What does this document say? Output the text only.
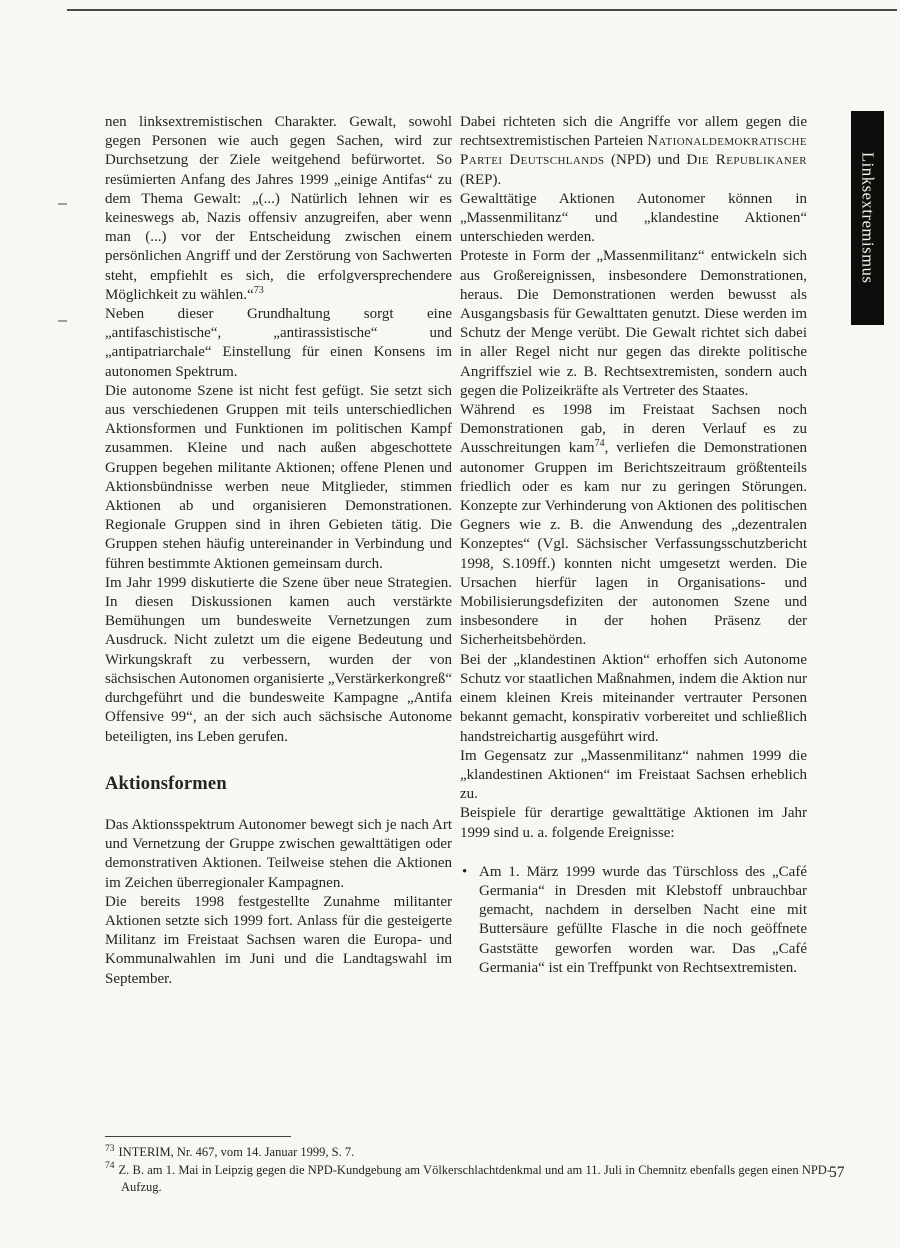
nen linksextremistischen Charakter. Gewalt, sowohl gegen Personen wie auch gegen Sachen, wird zur Durchsetzung der Ziele weitgehend befürwortet. So resümierten Anfang des Jahres 1999 „einige Antifas“ zu dem Thema Gewalt: „(...) Natürlich lehnen wir es keineswegs ab, Nazis offensiv anzugreifen, aber wenn man (...) vor der Entscheidung zwischen einem persönlichen Angriff und der Zerstörung von Sachwerten steht, empfiehlt es sich, die erfolgversprechendere Möglichkeit zu wählen.“$^{73}$

Neben dieser Grundhaltung sorgt eine „antifaschistische“, „antirassistische“ und „antipatriarchale“ Einstellung für einen Konsens im autonomen Spektrum.

Die autonome Szene ist nicht fest gefügt. Sie setzt sich aus verschiedenen Gruppen mit teils unterschiedlichen Aktionsformen und Funktionen im politischen Kampf zusammen. Kleine und nach außen abgeschottete Gruppen begehen militante Aktionen; offene Plenen und Aktionsbündnisse werben neue Mitglieder, stimmen Aktionen ab und organisieren Demonstrationen. Regionale Gruppen sind in ihren Gebieten tätig. Die Gruppen stehen häufig untereinander in Verbindung und führen bestimmte Aktionen gemeinsam durch.

Im Jahr 1999 diskutierte die Szene über neue Strategien. In diesen Diskussionen kamen auch verstärkte Bemühungen um bundesweite Vernetzungen zum Ausdruck. Nicht zuletzt um die eigene Bedeutung und Wirkungskraft zu verbessern, wurden der von sächsischen Autonomen organisierte „Verstärkerkongreß“ durchgeführt und die bundesweite Kampagne „Antifa Offensive 99“, an der sich auch sächsische Autonome beteiligten, ins Leben gerufen.

Aktionsformen

Das Aktionsspektrum Autonomer bewegt sich je nach Art und Vernetzung der Gruppe zwischen gewalttätigen oder demonstrativen Aktionen. Teilweise stehen die Aktionen im Zeichen überregionaler Kampagnen.

Die bereits 1998 festgestellte Zunahme militanter Aktionen setzte sich 1999 fort. Anlass für die gesteigerte Militanz im Freistaat Sachsen waren die Europa- und Kommunalwahlen im Juni und die Landtagswahl im September.

Dabei richteten sich die Angriffe vor allem gegen die rechtsextremistischen Parteien Nationaldemokratische Partei Deutschlands (NPD) und Die Republikaner (REP).

Gewalttätige Aktionen Autonomer können in „Massenmilitanz“ und „klandestine Aktionen“ unterschieden werden.

Proteste in Form der „Massenmilitanz“ entwickeln sich aus Großereignissen, insbesondere Demonstrationen, heraus. Die Demonstrationen werden bewusst als Ausgangsbasis für Gewalttaten genutzt. Diese werden im Schutz der Menge verübt. Die Gewalt richtet sich dabei in aller Regel nicht nur gegen das direkte politische Angriffsziel wie z. B. Rechtsextremisten, sondern auch gegen die Polizeikräfte als Vertreter des Staates.

Während es 1998 im Freistaat Sachsen noch Demonstrationen gab, in deren Verlauf es zu Ausschreitungen kam$^{74}$, verliefen die Demonstrationen autonomer Gruppen im Berichtszeitraum größtenteils friedlich oder es kam nur zu geringen Störungen. Konzepte zur Verhinderung von Aktionen des politischen Gegners wie z. B. die Anwendung des „dezentralen Konzeptes“ (Vgl. Sächsischer Verfassungsschutzbericht 1998, S.109ff.) konnten nicht umgesetzt werden. Die Ursachen hierfür lagen in Organisations- und Mobilisierungsdefiziten der autonomen Szene und insbesondere in der hohen Präsenz der Sicherheitsbehörden.

Bei der „klandestinen Aktion“ erhoffen sich Autonome Schutz vor staatlichen Maßnahmen, indem die Aktion nur einem kleinen Kreis miteinander vertrauter Personen bekannt gemacht, konspirativ vorbereitet und schließlich handstreichartig ausgeführt wird.

Im Gegensatz zur „Massenmilitanz“ nahmen 1999 die „klandestinen Aktionen“ im Freistaat Sachsen erheblich zu.

Beispiele für derartige gewalttätige Aktionen im Jahr 1999 sind u. a. folgende Ereignisse:

• Am 1. März 1999 wurde das Türschloss des „Café Germania“ in Dresden mit Klebstoff unbrauchbar gemacht, nachdem in derselben Nacht eine mit Buttersäure gefüllte Flasche in die noch geöffnete Gaststätte geworfen worden war. Das „Café Germania“ ist ein Treffpunkt von Rechtsextremisten.

$^{73}$ INTERIM, Nr. 467, vom 14. Januar 1999, S. 7.

$^{74}$ Z. B. am 1. Mai in Leipzig gegen die NPD-Kundgebung am Völkerschlachtdenkmal und am 11. Juli in Chemnitz ebenfalls gegen einen NPD-Aufzug.

57
Linksextremismus
